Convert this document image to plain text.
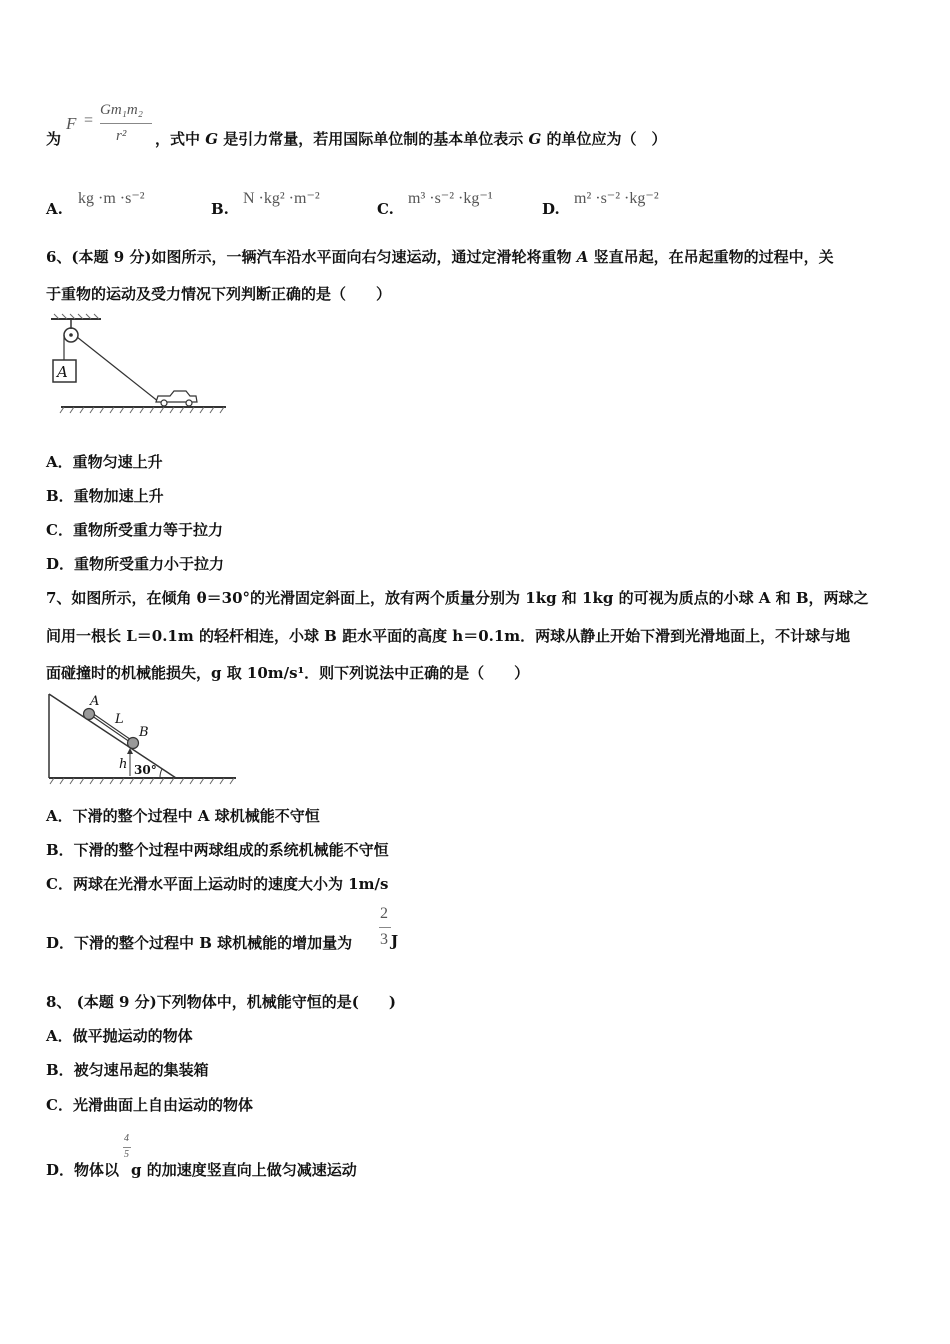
为
F =
Gm₁m₂
r² ，式中 G 是引力常量，若用国际单位制的基本单位表示 G 的单位应为（　）
A.
kg ·m ·s⁻²
B.
N ·kg² ·m⁻²
C.
m³ ·s⁻² ·kg⁻¹
D.
m² ·s⁻² ·kg⁻²
6、(本题 9 分)如图所示，一辆汽车沿水平面向右匀速运动，通过定滑轮将重物 A 竖直吊起，在吊起重物的过程中，关
于重物的运动及受力情况下列判断正确的是（　　）
A
A．重物匀速上升
B．重物加速上升
C．重物所受重力等于拉力
D．重物所受重力小于拉力
7、如图所示，在倾角 θ＝30°的光滑固定斜面上，放有两个质量分别为 1kg 和 1kg 的可视为质点的小球 A 和 B，两球之
间用一根长 L＝0.1m 的轻杆相连，小球 B 距水平面的高度 h＝0.1m．两球从静止开始下滑到光滑地面上，不计球与地
面碰撞时的机械能损失，g 取 10m/s¹．则下列说法中正确的是（　　）
A
L
B
h 30°
A．下滑的整个过程中 A 球机械能不守恒
B．下滑的整个过程中两球组成的系统机械能不守恒
C．两球在光滑水平面上运动时的速度大小为 1m/s
D．下滑的整个过程中 B 球机械能的增加量为
2
3 J
8、 (本题 9 分)下列物体中，机械能守恒的是(　　)
A．做平抛运动的物体
B．被匀速吊起的集装箱
C．光滑曲面上自由运动的物体
D．物体以
4
5
g 的加速度竖直向上做匀减速运动
